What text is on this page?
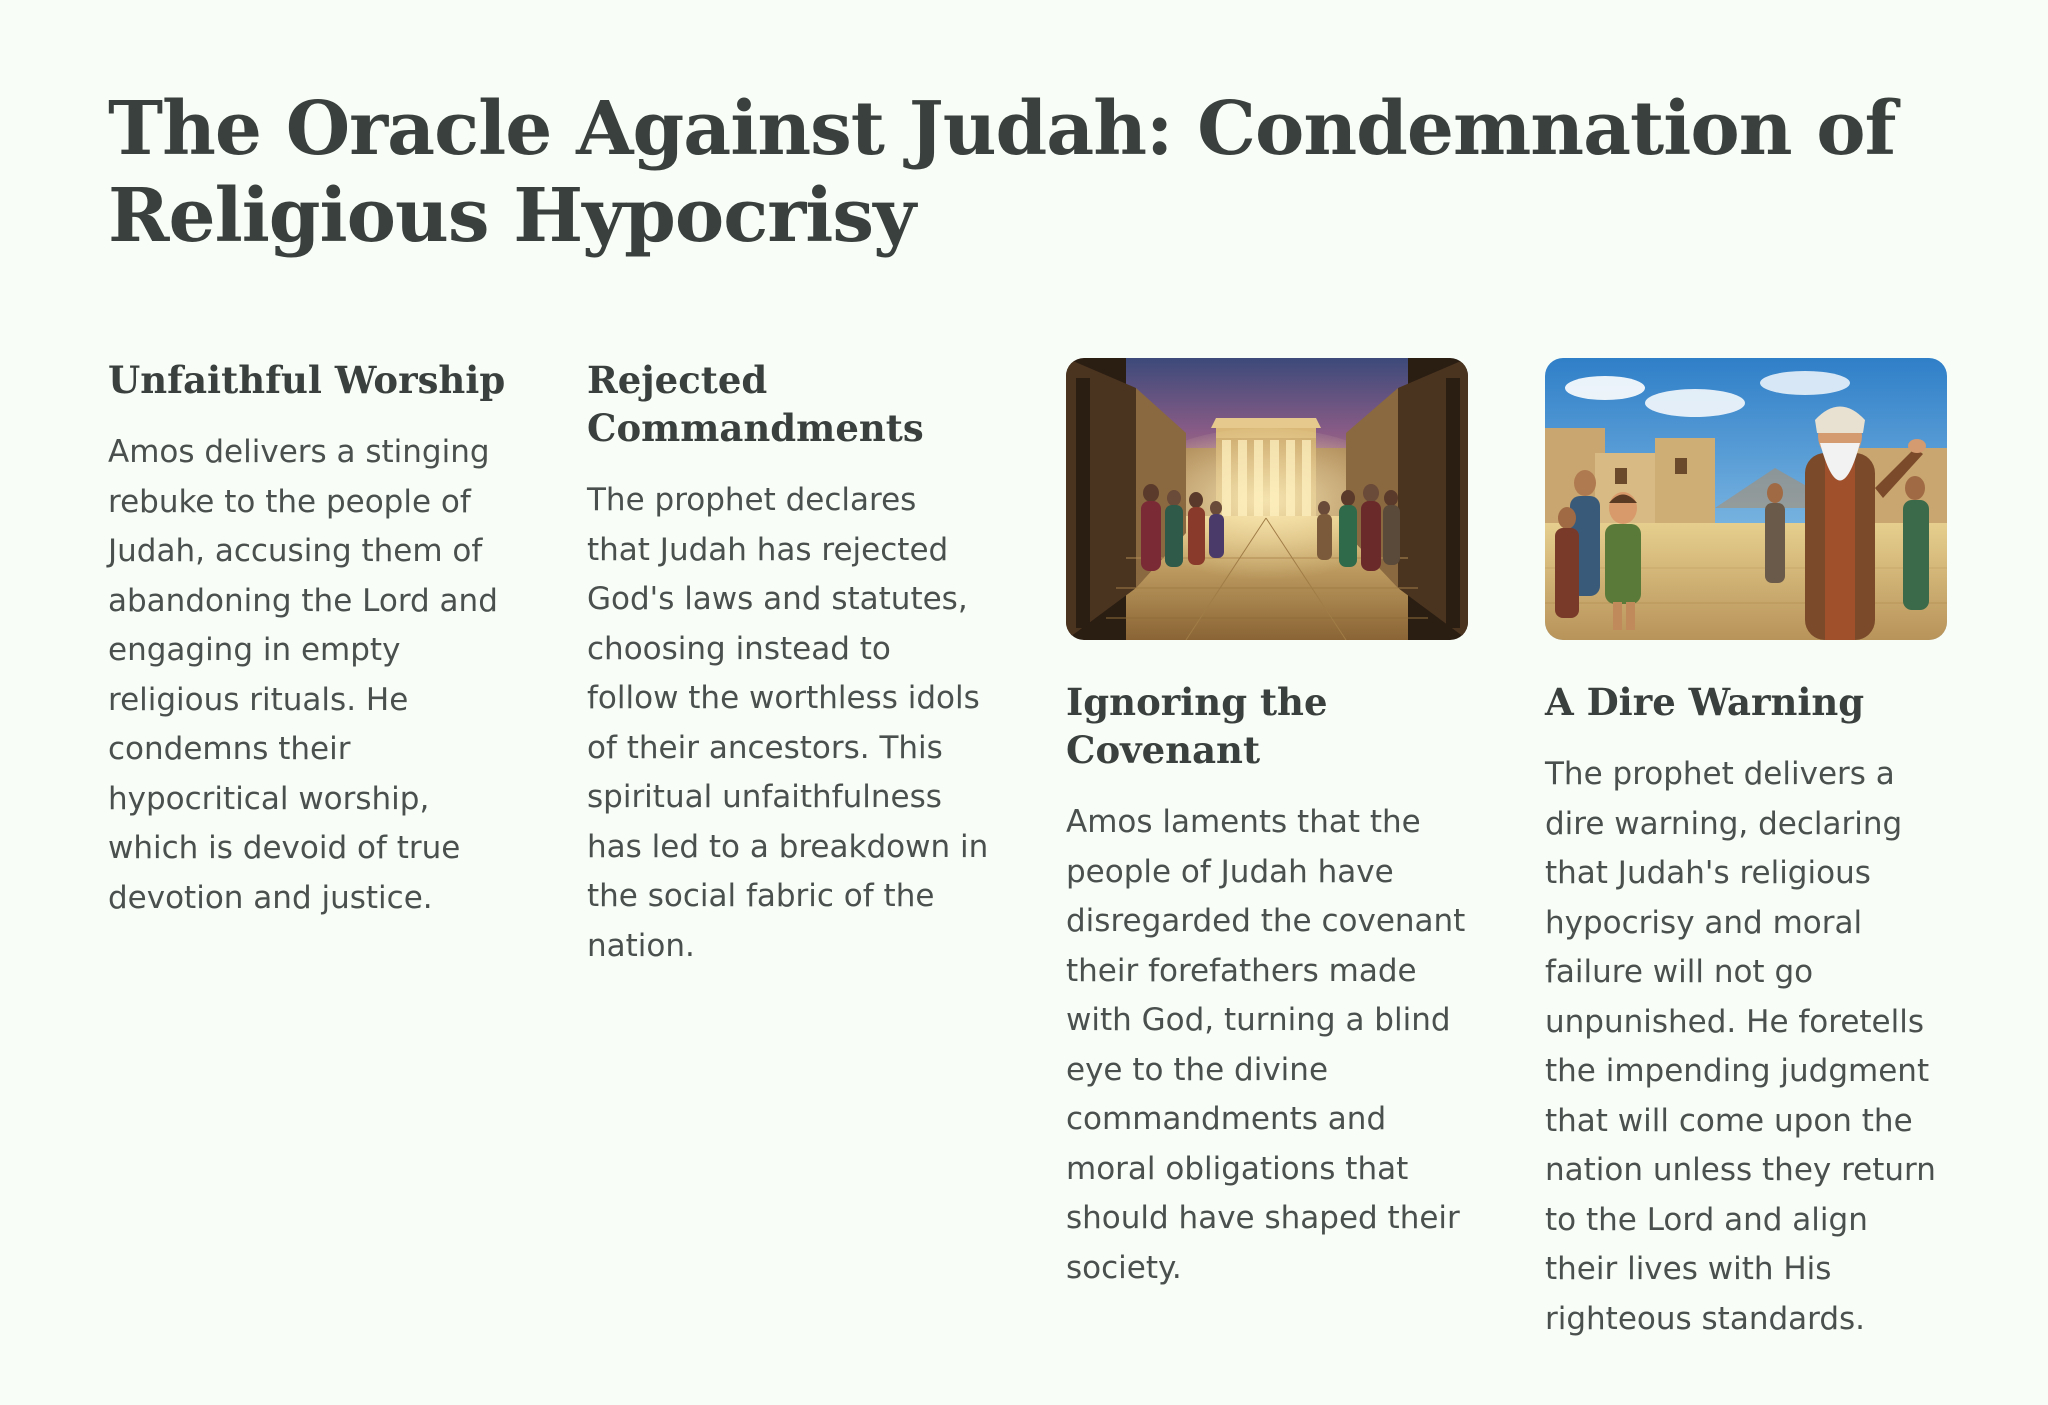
The Oracle Against Judah: Condemnation of Religious Hypocrisy
Unfaithful Worship

Amos delivers a stinging rebuke to the people of Judah, accusing them of abandoning the Lord and engaging in empty religious rituals. He condemns their hypocritical worship, which is devoid of true devotion and justice.

Rejected Commandments

The prophet declares that Judah has rejected God's laws and statutes, choosing instead to follow the worthless idols of their ancestors. This spiritual unfaithfulness has led to a breakdown in the social fabric of the nation.

Ignoring the Covenant

Amos laments that the people of Judah have disregarded the covenant their forefathers made with God, turning a blind eye to the divine commandments and moral obligations that should have shaped their society.

A Dire Warning

The prophet delivers a dire warning, declaring that Judah's religious hypocrisy and moral failure will not go unpunished. He foretells the impending judgment that will come upon the nation unless they return to the Lord and align their lives with His righteous standards.
